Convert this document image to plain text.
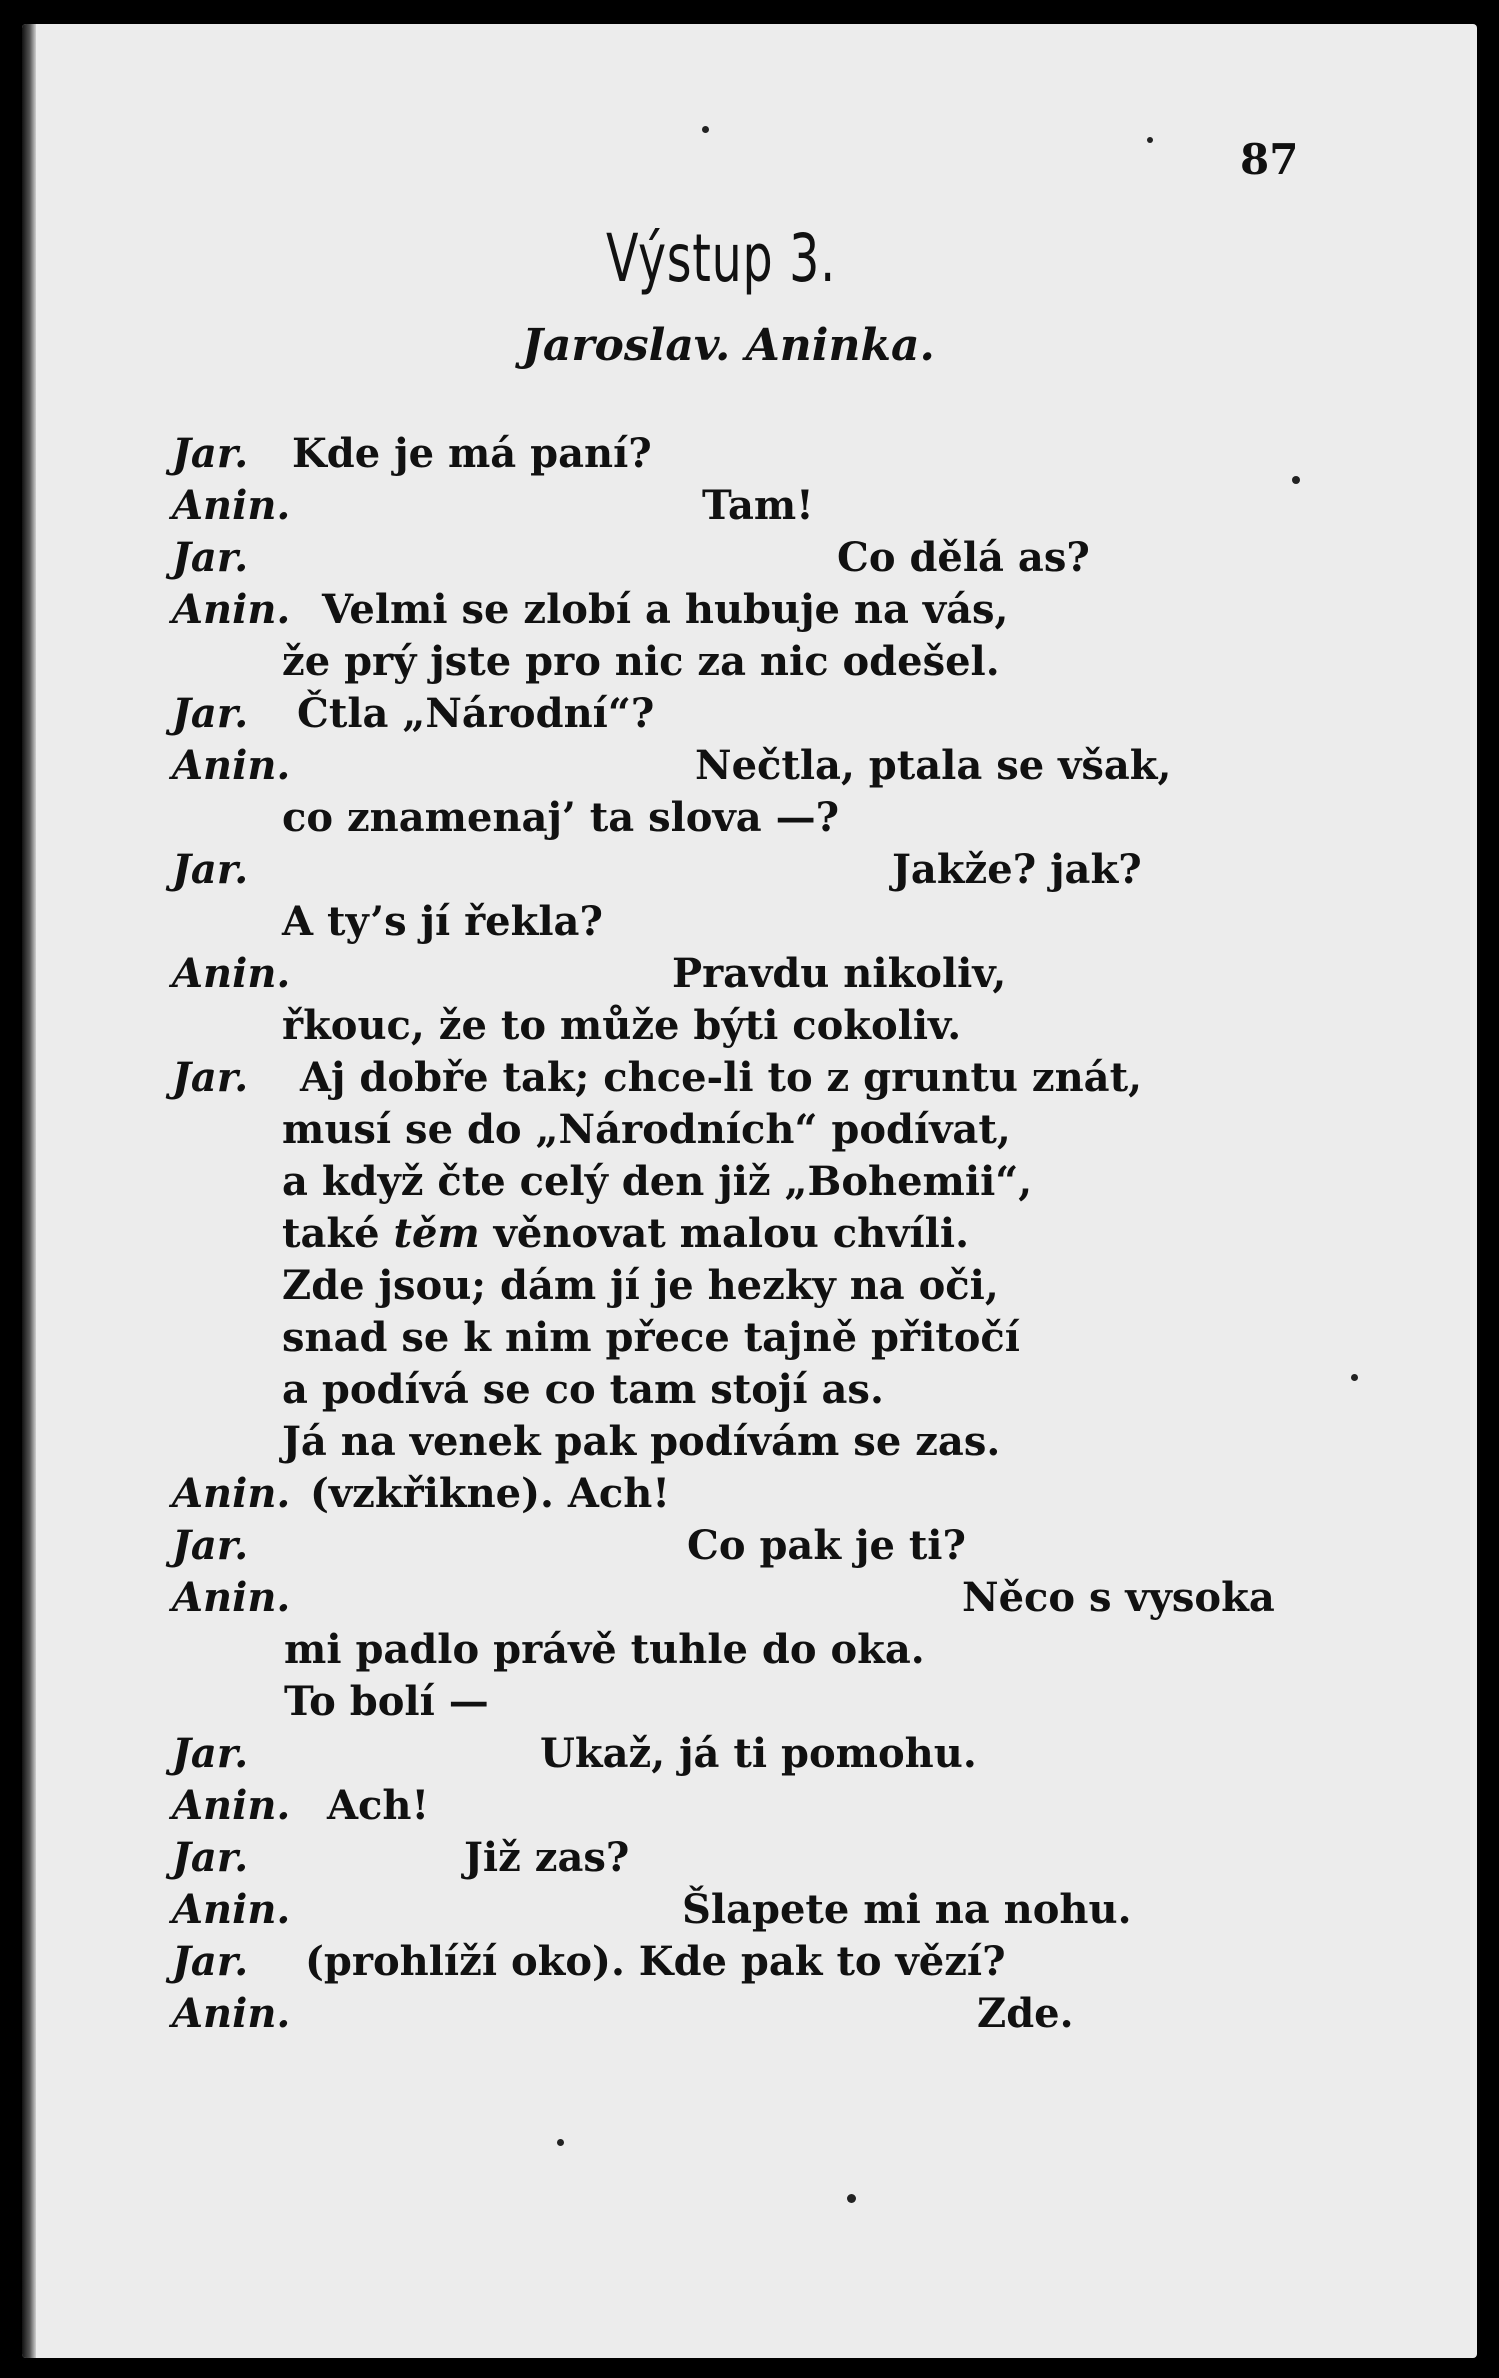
87
Výstup 3.
Jaroslav. Aninka.
Jar. Kde je má paní?
Anin.	Tam!
Jar.	Co dělá as?
Anin. Velmi se zlobí a hubuje na vás,
že prý jste pro nic za nic odešel.
Jar. Čtla „Národní“?
Anin.	Nečtla, ptala se však,
co znamenaj’ ta slova —?
Jar.	Jakže? jak?
A ty’s jí řekla?
Anin.	Pravdu nikoliv,
řkouc, že to může býti cokoliv.
Jar. Aj dobře tak; chce-li to z gruntu znát,
musí se do „Národních“ podívat,
a když čte celý den již „Bohemii“,
také těm věnovat malou chvíli.
Zde jsou; dám jí je hezky na oči,
snad se k nim přece tajně přitočí
a podívá se co tam stojí as.
Já na venek pak podívám se zas.
Anin. (vzkřikne). Ach!
Jar.	Co pak je ti?
Anin.	Něco s vysoka
mi padlo právě tuhle do oka.
To bolí —
Jar.	Ukaž, já ti pomohu.
Anin. Ach!
Jar.	Již zas?
Anin.	Šlapete mi na nohu.
Jar. (prohlíží oko). Kde pak to vězí?
Anin.	Zde.
